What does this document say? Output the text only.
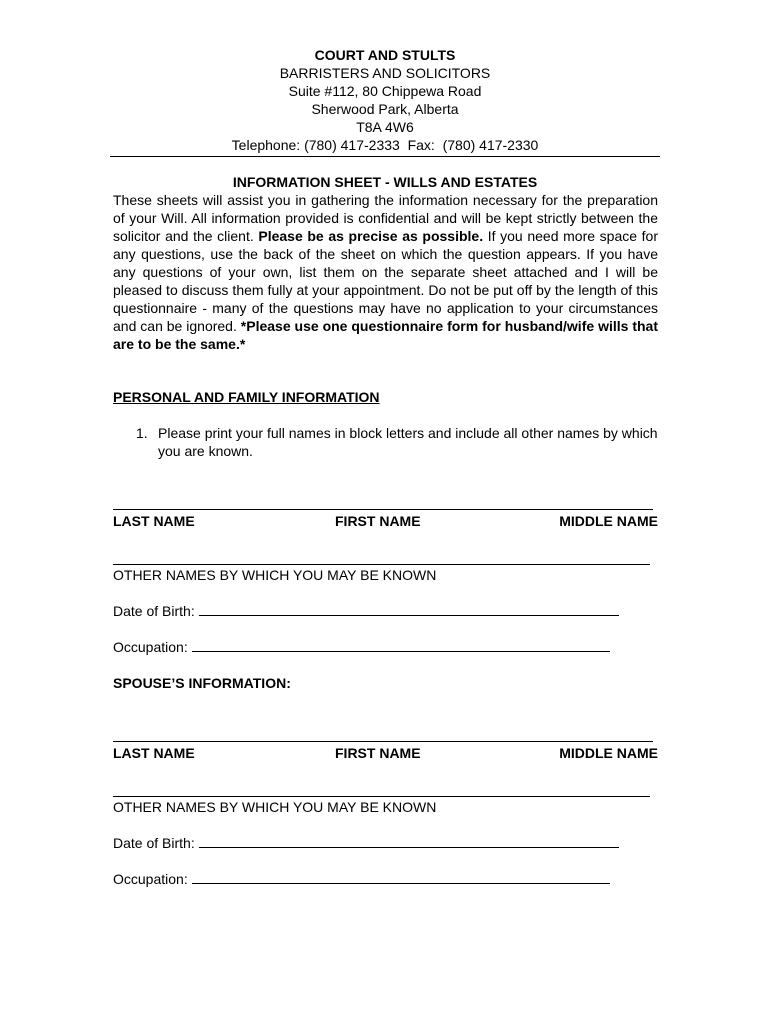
COURT AND STULTS
BARRISTERS AND SOLICITORS
Suite #112, 80 Chippewa Road
Sherwood Park, Alberta
T8A 4W6
Telephone: (780) 417-2333  Fax:  (780) 417-2330
INFORMATION SHEET - WILLS AND ESTATES
These sheets will assist you in gathering the information necessary for the preparation of your Will. All information provided is confidential and will be kept strictly between the solicitor and the client. Please be as precise as possible. If you need more space for any questions, use the back of the sheet on which the question appears. If you have any questions of your own, list them on the separate sheet attached and I will be pleased to discuss them fully at your appointment. Do not be put off by the length of this questionnaire - many of the questions may have no application to your circumstances and can be ignored. *Please use one questionnaire form for husband/wife wills that are to be the same.*
PERSONAL AND FAMILY INFORMATION
1. Please print your full names in block letters and include all other names by which you are known.
LAST NAME	FIRST NAME	MIDDLE NAME
OTHER NAMES BY WHICH YOU MAY BE KNOWN
Date of Birth:
Occupation:
SPOUSE’S INFORMATION:
LAST NAME	FIRST NAME	MIDDLE NAME
OTHER NAMES BY WHICH YOU MAY BE KNOWN
Date of Birth:
Occupation:
